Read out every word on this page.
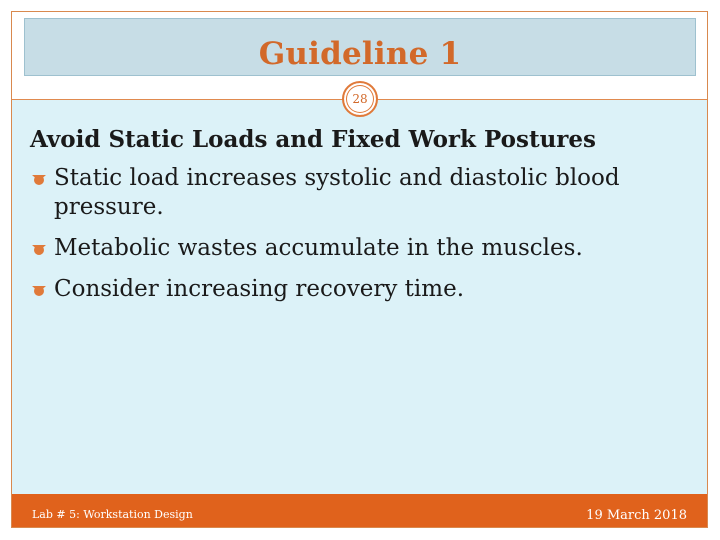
Guideline 1
Avoid Static Loads and Fixed Work Postures
Static load increases systolic and diastolic blood pressure.
Metabolic wastes accumulate in the muscles.
Consider increasing recovery time.
28
Lab # 5: Workstation Design	19 March 2018
